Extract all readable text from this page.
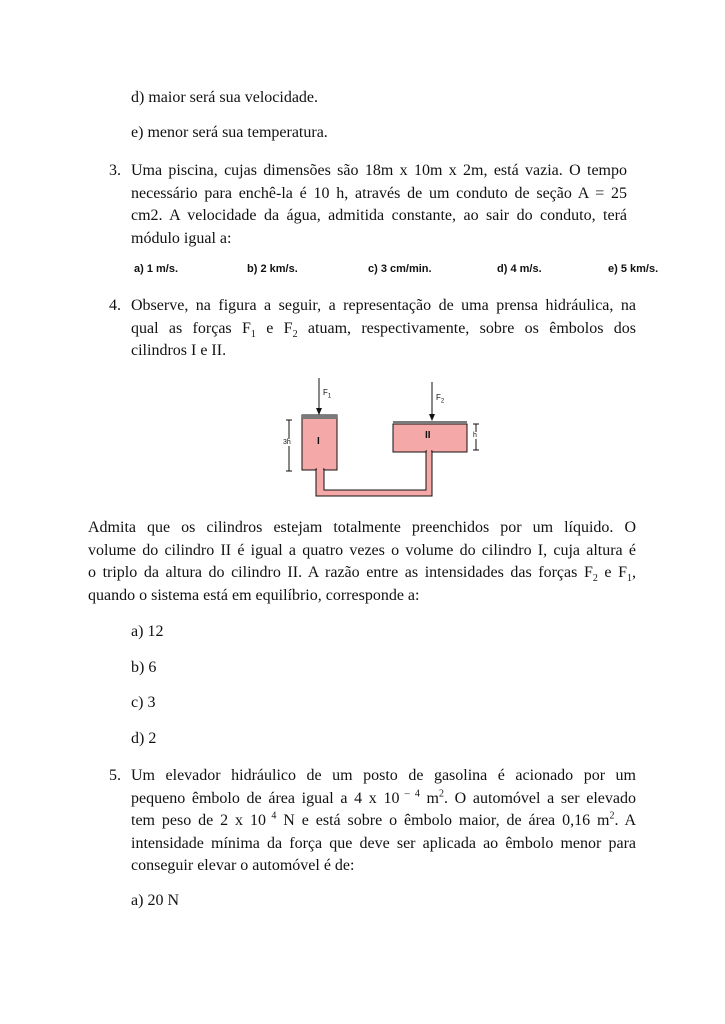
d) maior será sua velocidade.
e) menor será sua temperatura.
3. Uma piscina, cujas dimensões são 18m x 10m x 2m, está vazia. O tempo
necessário para enchê-la é 10 h, através de um conduto de seção A = 25
cm2. A velocidade da água, admitida constante, ao sair do conduto, terá
módulo igual a:
a) 1 m/s.	b) 2 km/s.	c) 3 cm/min.	d) 4 m/s.	e) 5 km/s.
4. Observe, na figura a seguir, a representação de uma prensa hidráulica, na
qual as forças $F_1$ e $F_2$ atuam, respectivamente, sobre os êmbolos dos
cilindros I e II.
$F_1$	$F_2$
I
II
3h
h
Admita que os cilindros estejam totalmente preenchidos por um líquido. O
volume do cilindro II é igual a quatro vezes o volume do cilindro I, cuja altura é
o triplo da altura do cilindro II. A razão entre as intensidades das forças $F_2$ e $F_1$,
quando o sistema está em equilíbrio, corresponde a:
a) 12
b) 6
c) 3
d) 2
5. Um elevador hidráulico de um posto de gasolina é acionado por um
pequeno êmbolo de área igual a 4 x 10 $^{- 4}$ $m^2$. O automóvel a ser elevado
tem peso de 2 x 10 $^4$ N e está sobre o êmbolo maior, de área 0,16 $m^2$. A
intensidade mínima da força que deve ser aplicada ao êmbolo menor para
conseguir elevar o automóvel é de:
a) 20 N
